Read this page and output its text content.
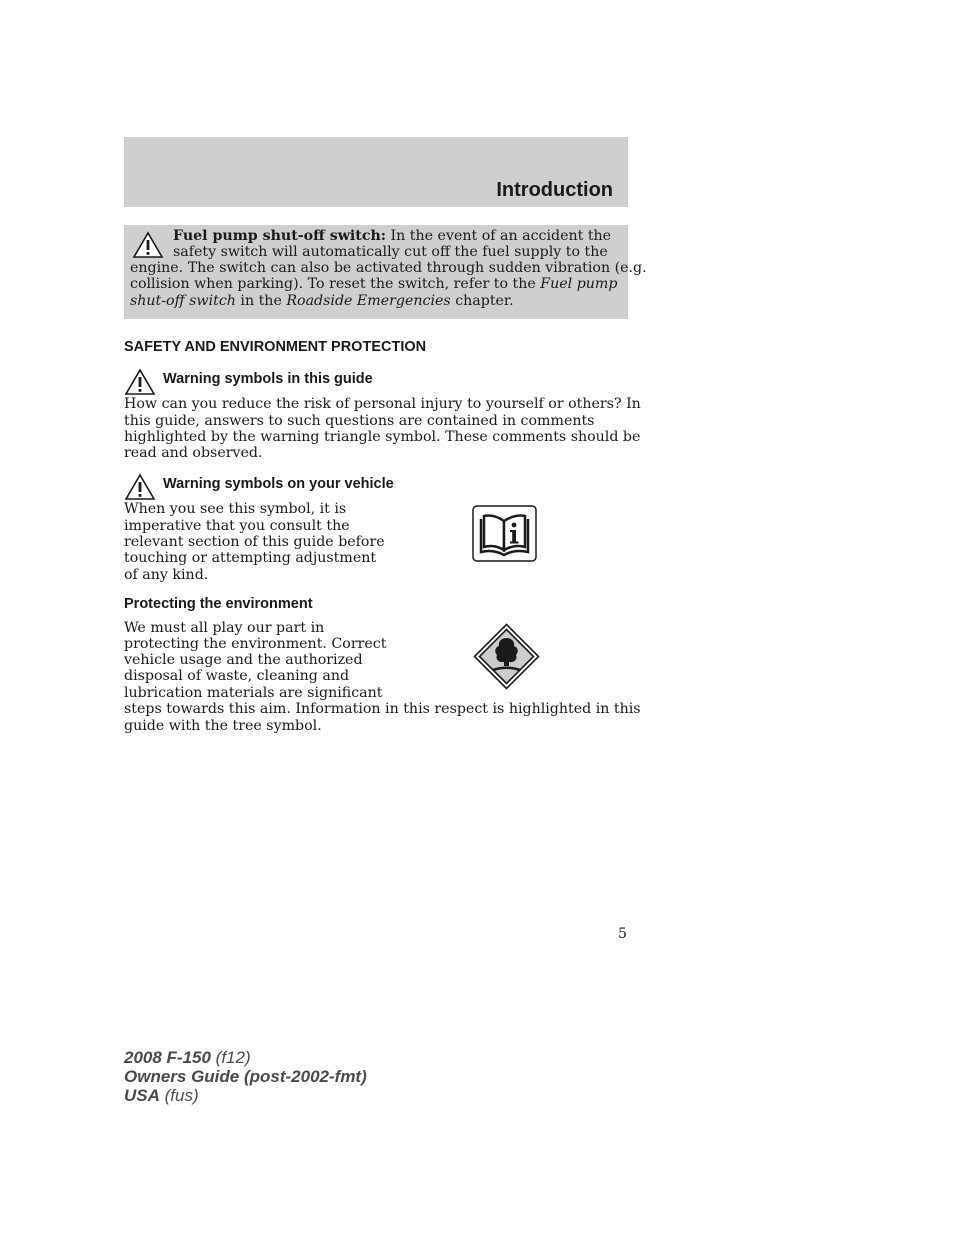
Introduction
Fuel pump shut-off switch: In the event of an accident the
safety switch will automatically cut off the fuel supply to the
engine. The switch can also be activated through sudden vibration (e.g.
collision when parking). To reset the switch, refer to the Fuel pump
shut-off switch in the Roadside Emergencies chapter.
SAFETY AND ENVIRONMENT PROTECTION
Warning symbols in this guide
How can you reduce the risk of personal injury to yourself or others? In
this guide, answers to such questions are contained in comments
highlighted by the warning triangle symbol. These comments should be
read and observed.
Warning symbols on your vehicle
When you see this symbol, it is
imperative that you consult the
relevant section of this guide before
touching or attempting adjustment
of any kind.
Protecting the environment
We must all play our part in
protecting the environment. Correct
vehicle usage and the authorized
disposal of waste, cleaning and
lubrication materials are significant
steps towards this aim. Information in this respect is highlighted in this
guide with the tree symbol.
5
2008 F-150 (f12)
Owners Guide (post-2002-fmt)
USA (fus)
